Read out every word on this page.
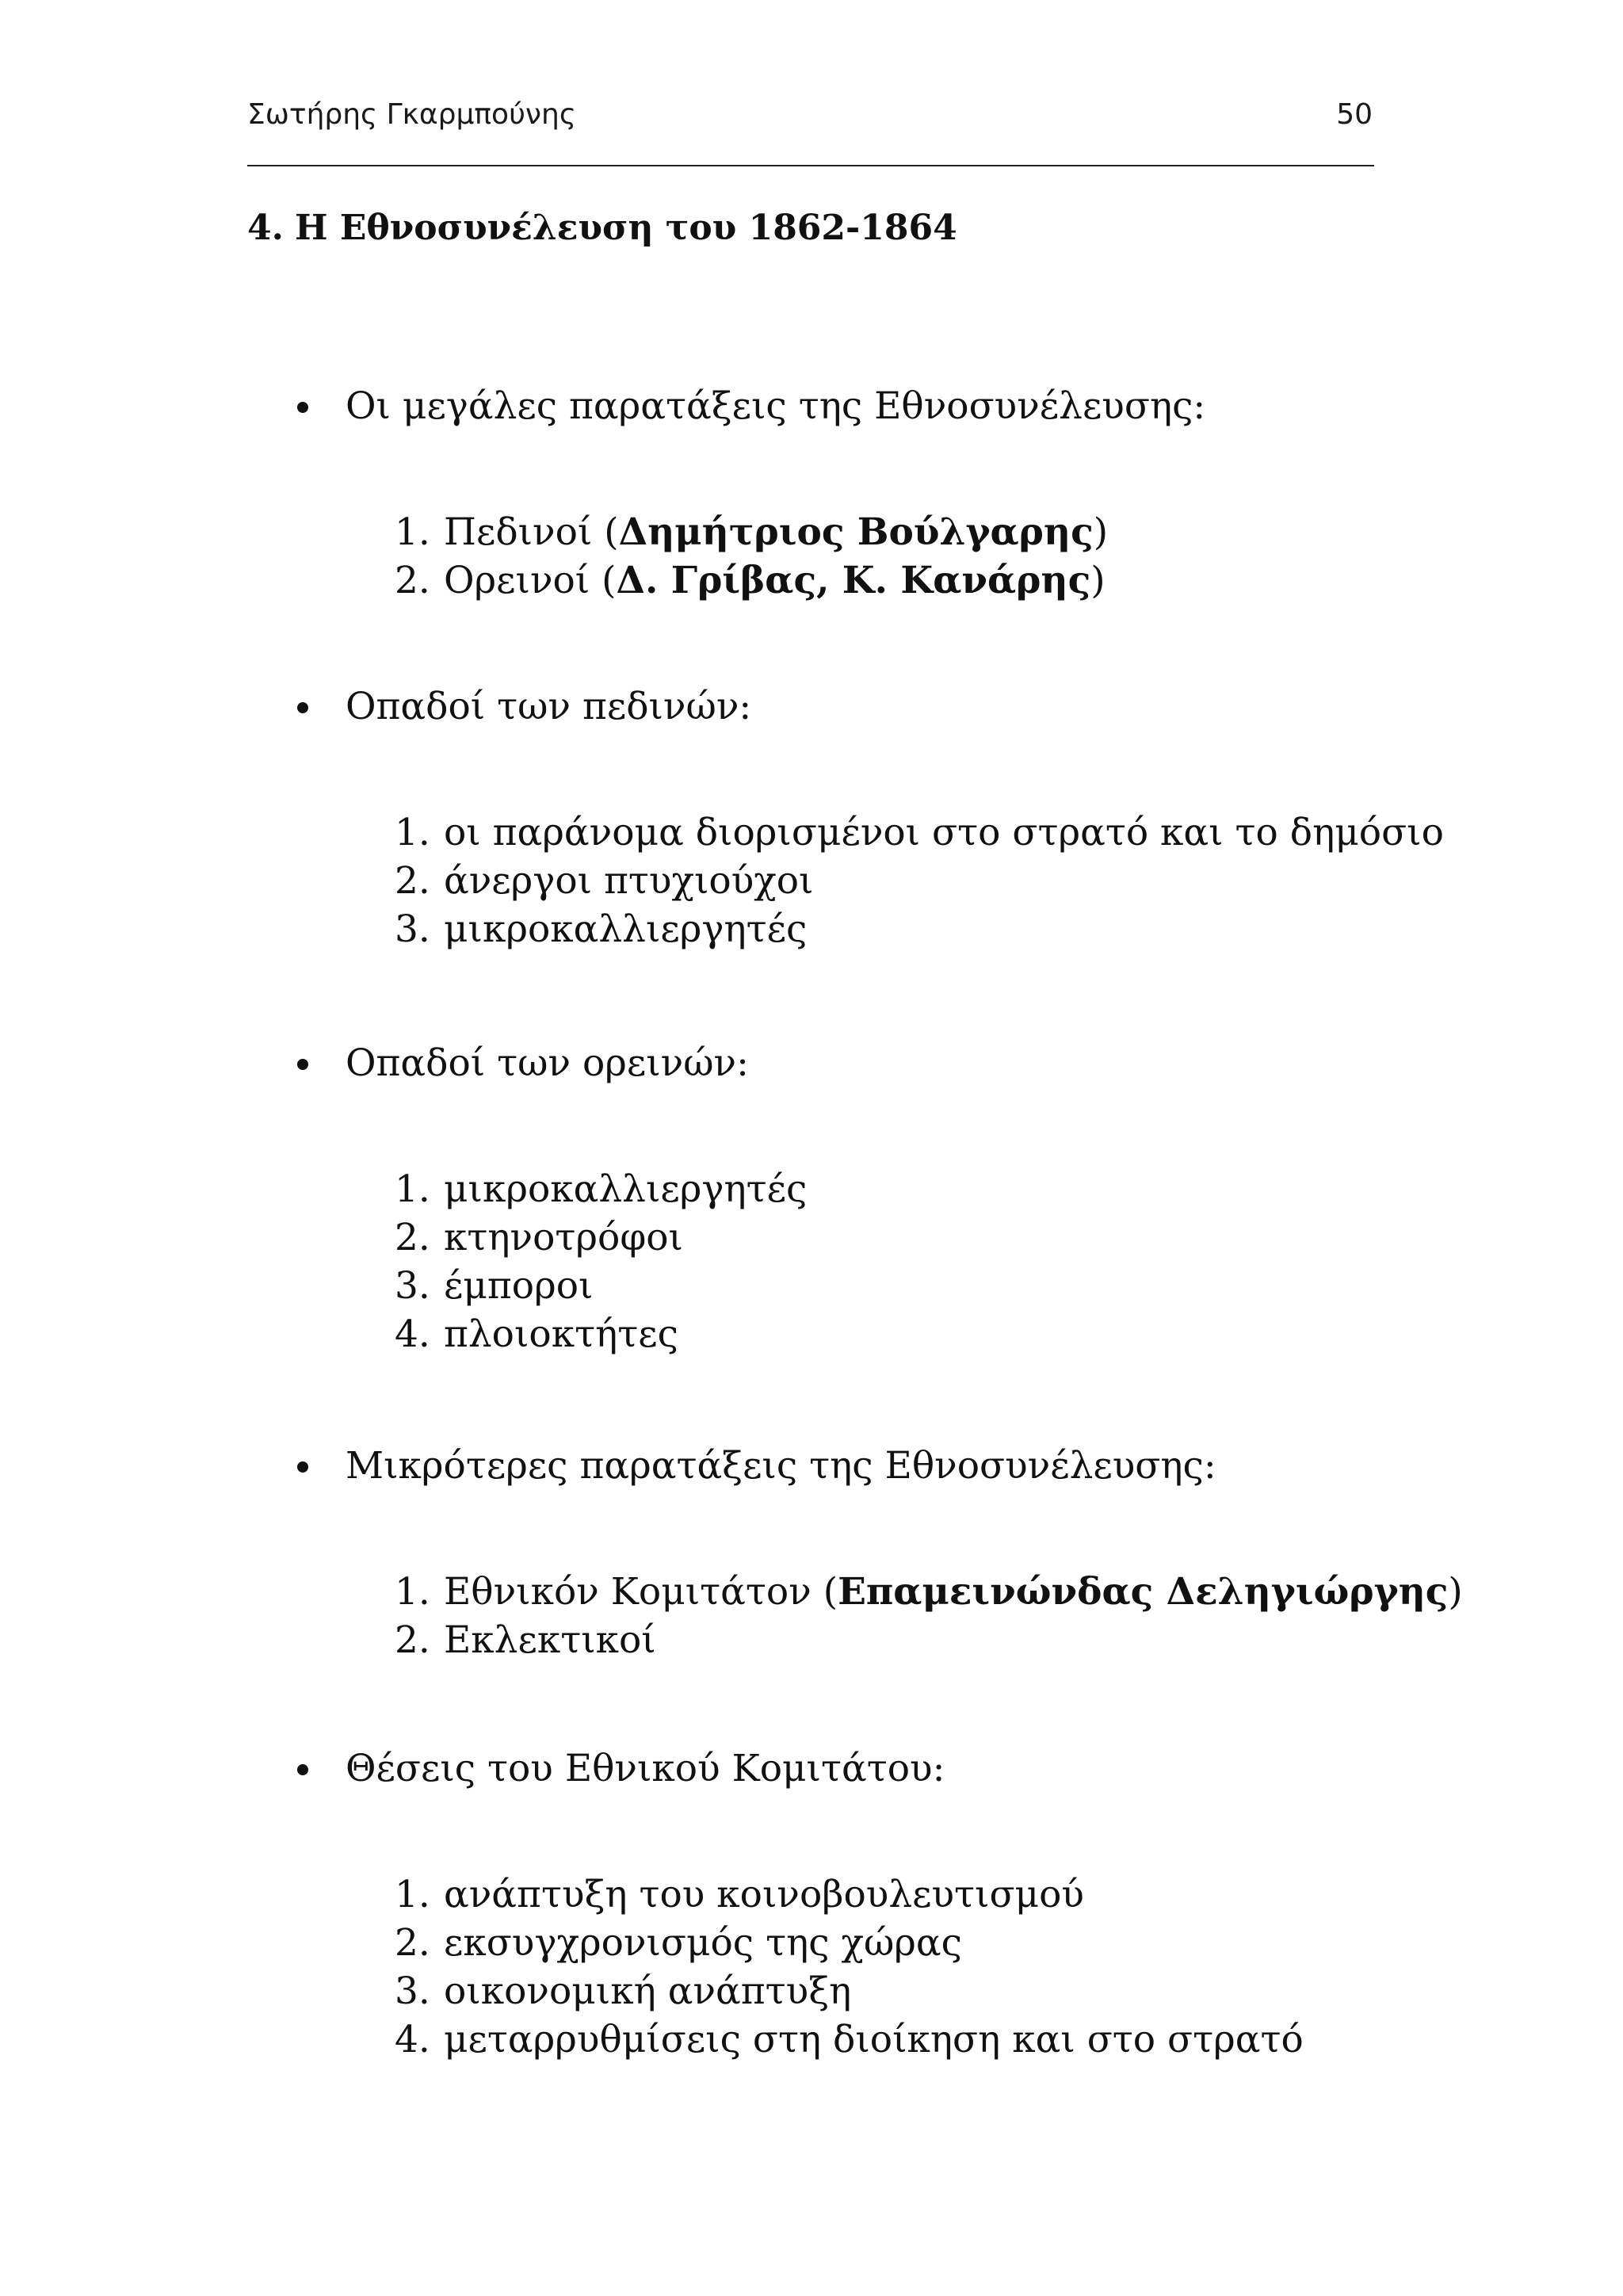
Σωτήρης Γκαρμπούνης	50
4. Η Εθνοσυνέλευση του 1862-1864
Οι μεγάλες παρατάξεις της Εθνοσυνέλευσης:
1. Πεδινοί (Δημήτριος Βούλγαρης)
2. Ορεινοί (Δ. Γρίβας, Κ. Κανάρης)
Οπαδοί των πεδινών:
1. οι παράνομα διορισμένοι στο στρατό και το δημόσιο
2. άνεργοι πτυχιούχοι
3. μικροκαλλιεργητές
Οπαδοί των ορεινών:
1. μικροκαλλιεργητές
2. κτηνοτρόφοι
3. έμποροι
4. πλοιοκτήτες
Μικρότερες παρατάξεις της Εθνοσυνέλευσης:
1. Εθνικόν Κομιτάτον (Επαμεινώνδας Δεληγιώργης)
2. Εκλεκτικοί
Θέσεις του Εθνικού Κομιτάτου:
1. ανάπτυξη του κοινοβουλευτισμού
2. εκσυγχρονισμός της χώρας
3. οικονομική ανάπτυξη
4. μεταρρυθμίσεις στη διοίκηση και στο στρατό
